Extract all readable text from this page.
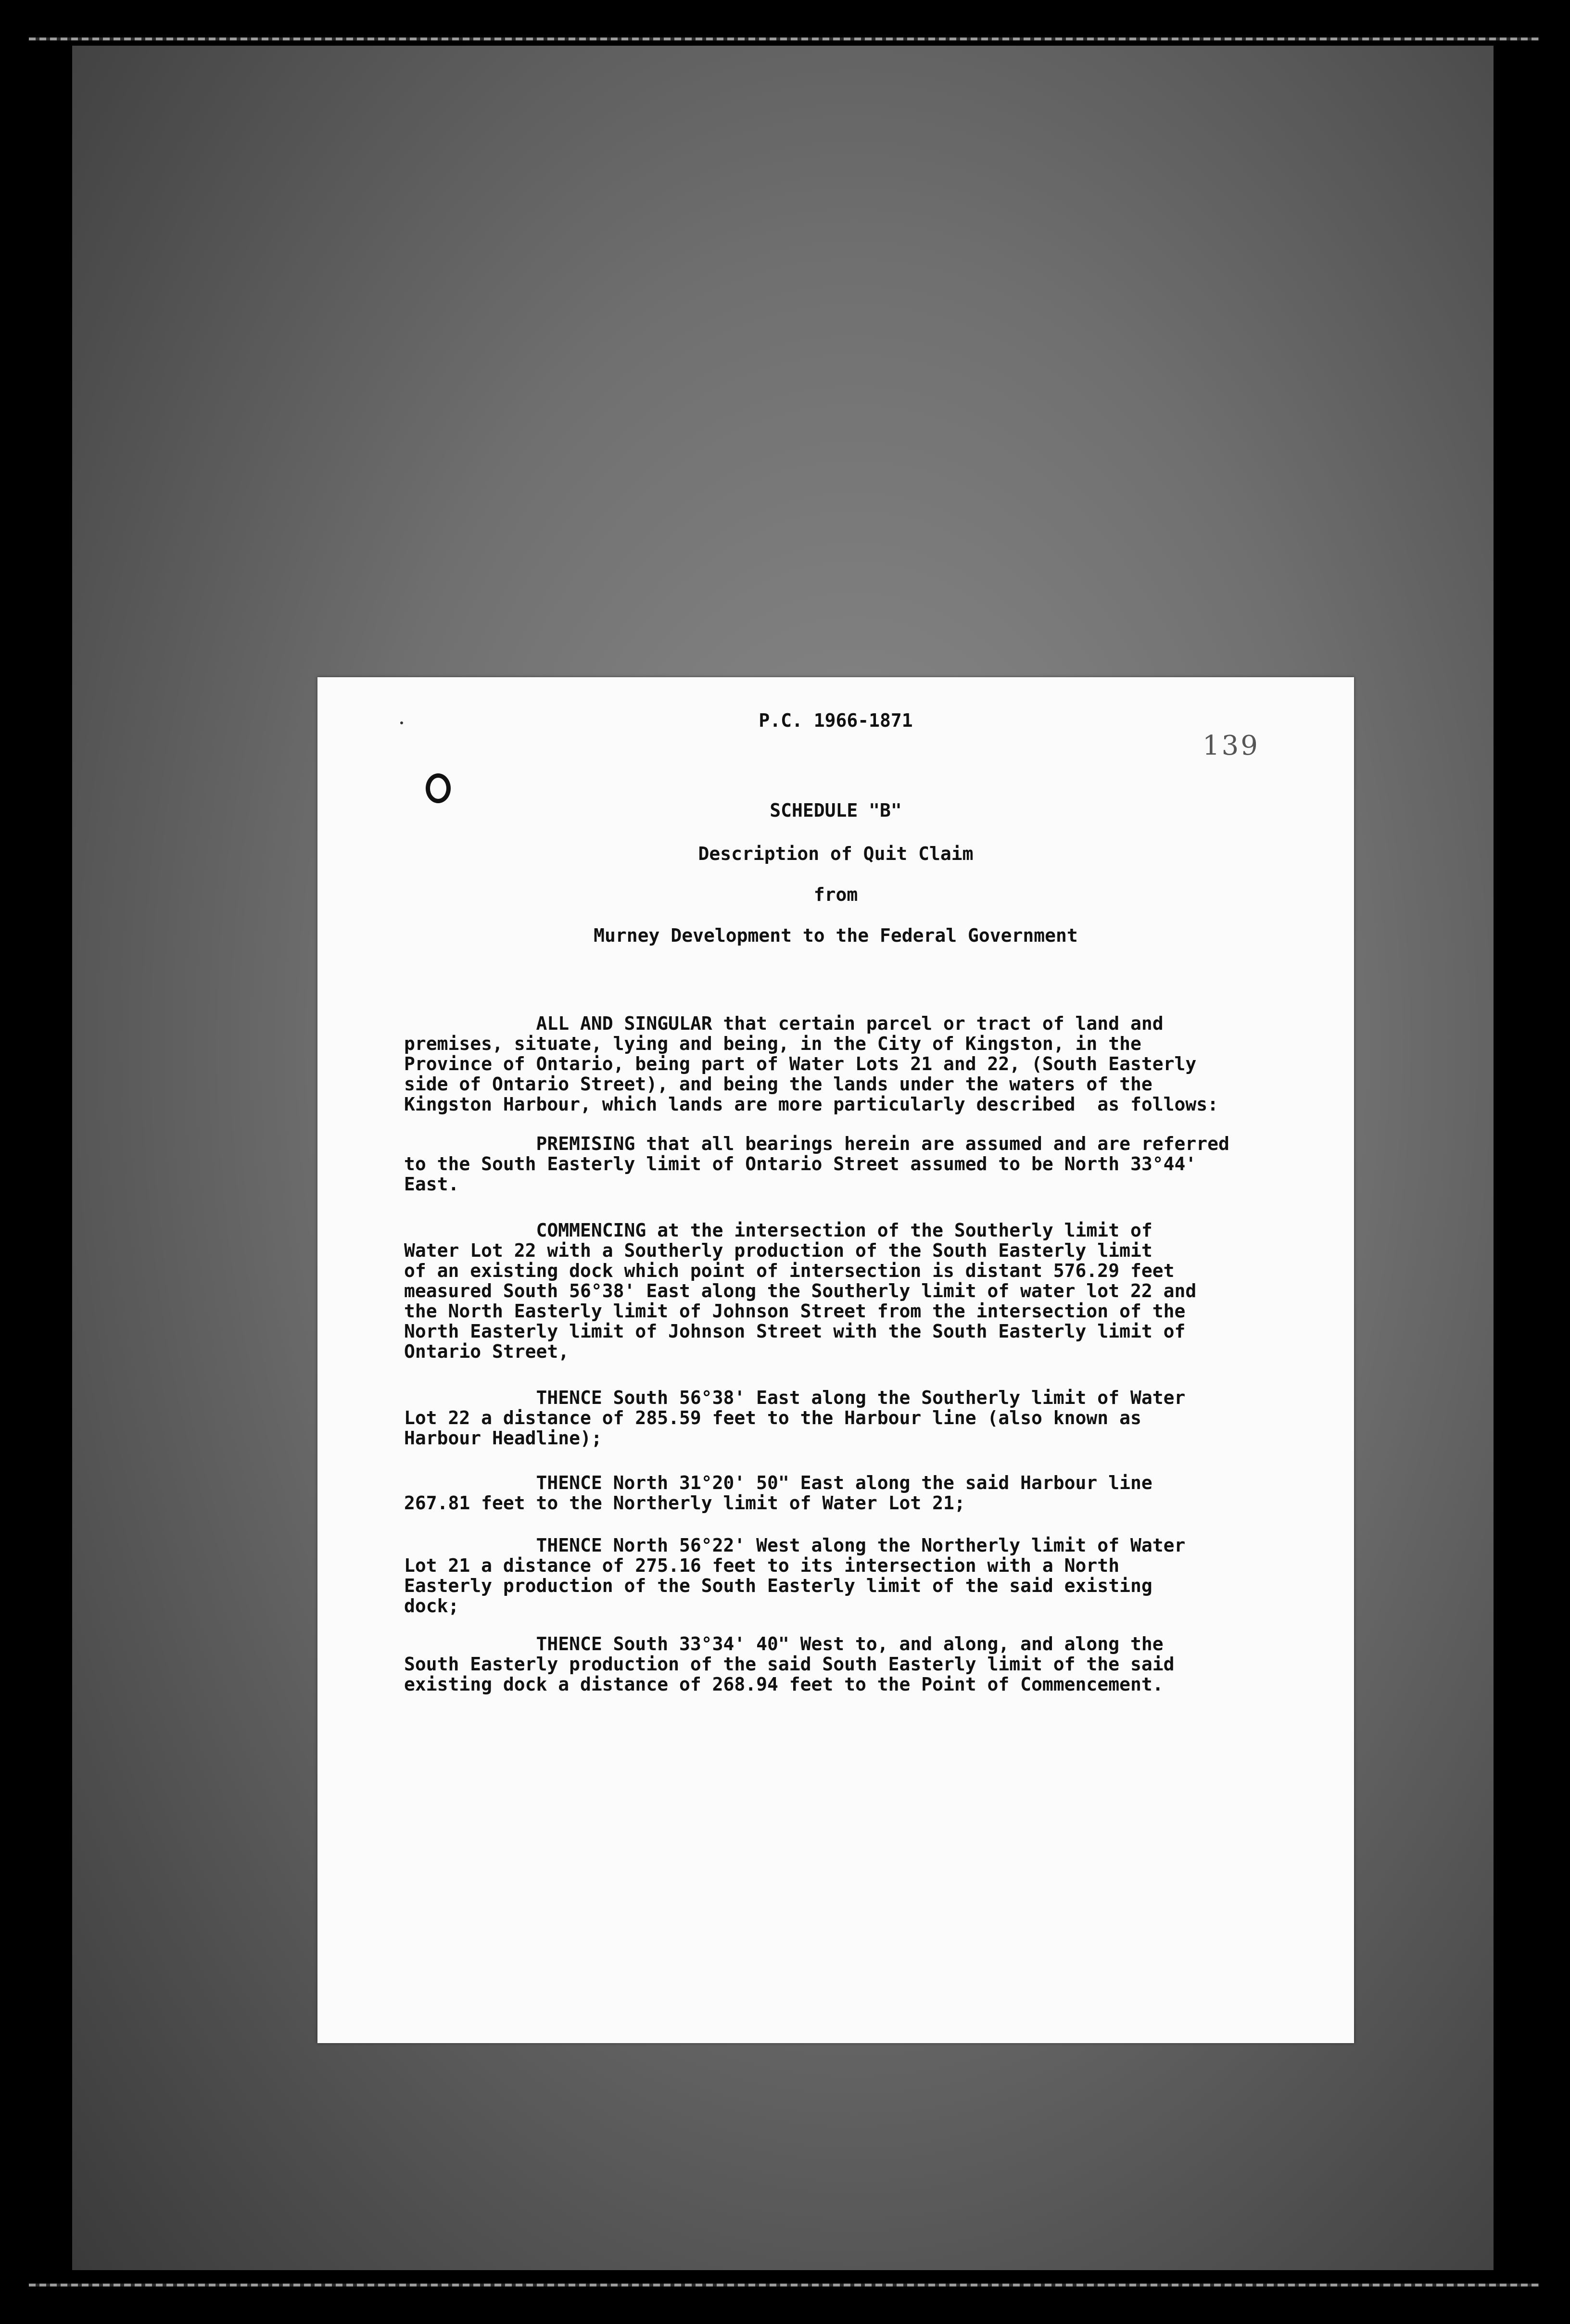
P.C. 1966-1871
139
SCHEDULE "B"
Description of Quit Claim
from
Murney Development to the Federal Government
ALL AND SINGULAR that certain parcel or tract of land and
premises, situate, lying and being, in the City of Kingston, in the
Province of Ontario, being part of Water Lots 21 and 22, (South Easterly
side of Ontario Street), and being the lands under the waters of the
Kingston Harbour, which lands are more particularly described  as follows:
PREMISING that all bearings herein are assumed and are referred
to the South Easterly limit of Ontario Street assumed to be North 33°44'
East.
COMMENCING at the intersection of the Southerly limit of
Water Lot 22 with a Southerly production of the South Easterly limit
of an existing dock which point of intersection is distant 576.29 feet
measured South 56°38' East along the Southerly limit of water lot 22 and
the North Easterly limit of Johnson Street from the intersection of the
North Easterly limit of Johnson Street with the South Easterly limit of
Ontario Street,
THENCE South 56°38' East along the Southerly limit of Water
Lot 22 a distance of 285.59 feet to the Harbour line (also known as
Harbour Headline);
THENCE North 31°20' 50" East along the said Harbour line
267.81 feet to the Northerly limit of Water Lot 21;
THENCE North 56°22' West along the Northerly limit of Water
Lot 21 a distance of 275.16 feet to its intersection with a North
Easterly production of the South Easterly limit of the said existing
dock;
THENCE South 33°34' 40" West to, and along, and along the
South Easterly production of the said South Easterly limit of the said
existing dock a distance of 268.94 feet to the Point of Commencement.
